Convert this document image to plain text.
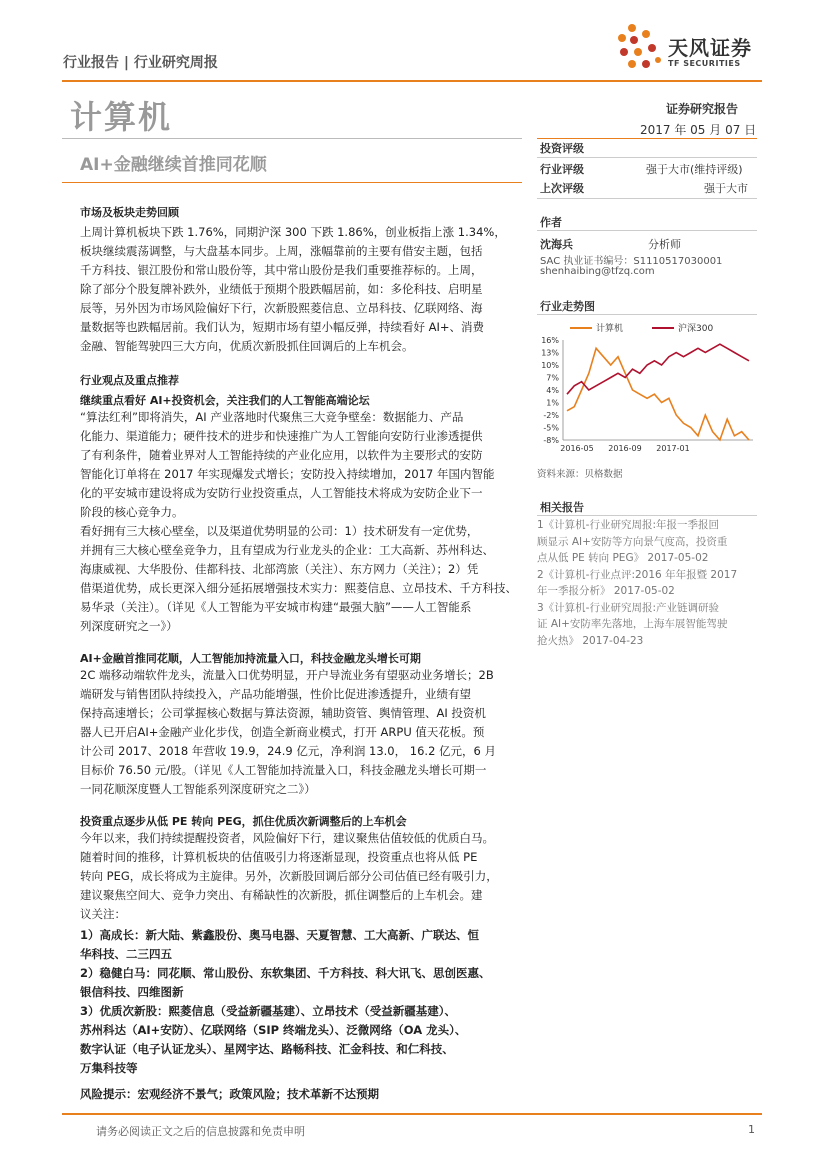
行业报告 | 行业研究周报
天风证券
TF SECURITIES
计算机	证券研究报告
2017 年 05 月 07 日
AI+金融继续首推同花顺
投资评级
行业评级	强于大市(维持评级)
上次评级	强于大市
作者
沈海兵	分析师
SAC 执业证书编号：S1110517030001
shenhaibing@tfzq.com
行业走势图
计算机	沪深300
16%
13%
10%
7%
4%
1%
-2%
-5%
-8%
2016-05 2016-09 2017-01
资料来源：贝格数据
相关报告
1《计算机-行业研究周报:年报一季报回
顾显示 AI+安防等方向景气度高，投资重
点从低 PE 转向 PEG》 2017-05-02
2《计算机-行业点评:2016 年年报暨 2017
年一季报分析》 2017-05-02
3《计算机-行业研究周报:产业链调研验
证 AI+安防率先落地，上海车展智能驾驶
抢火热》 2017-04-23
市场及板块走势回顾
上周计算机板块下跌 1.76%，同期沪深 300 下跌 1.86%，创业板指上涨 1.34%，
板块继续震荡调整，与大盘基本同步。上周，涨幅靠前的主要有借安主题，包括
千方科技、银江股份和常山股份等，其中常山股份是我们重要推荐标的。上周，
除了部分个股复牌补跌外，业绩低于预期个股跌幅居前，如：多伦科技、启明星
辰等，另外因为市场风险偏好下行，次新股熙菱信息、立昂科技、亿联网络、海
量数据等也跌幅居前。我们认为，短期市场有望小幅反弹，持续看好 AI+、消费
金融、智能驾驶四三大方向，优质次新股抓住回调后的上车机会。
行业观点及重点推荐
继续重点看好 AI+投资机会，关注我们的人工智能高端论坛
“算法红利”即将消失，AI 产业落地时代聚焦三大竞争壁垒：数据能力、产品
化能力、渠道能力；硬件技术的进步和快速推广为人工智能向安防行业渗透提供
了有利条件，随着业界对人工智能持续的产业化应用，以软件为主要形式的安防
智能化订单将在 2017 年实现爆发式增长；安防投入持续增加，2017 年国内智能
化的平安城市建设将成为安防行业投资重点，人工智能技术将成为安防企业下一
阶段的核心竞争力。
看好拥有三大核心壁垒，以及渠道优势明显的公司：1）技术研发有一定优势，
并拥有三大核心壁垒竞争力，且有望成为行业龙头的企业：工大高新、苏州科达、
海康威视、大华股份、佳都科技、北部湾旅（关注）、东方网力（关注）；2）凭
借渠道优势，成长更深入细分延拓展增强技术实力：熙菱信息、立昂技术、千方科技、
易华录（关注）。（详见《人工智能为平安城市构建“最强大脑”——人工智能系
列深度研究之一》）
AI+金融首推同花顺，人工智能加持流量入口，科技金融龙头增长可期
2C 端移动端软件龙头，流量入口优势明显，开户导流业务有望驱动业务增长；2B
端研发与销售团队持续投入，产品功能增强，性价比促进渗透提升，业绩有望
保持高速增长；公司掌握核心数据与算法资源，辅助资管、舆情管理、AI 投资机
器人已开启AI+金融产业化步伐，创造全新商业模式，打开 ARPU 值天花板。预
计公司 2017、2018 年营收 19.9，24.9 亿元，净利润 13.0， 16.2 亿元，6 月
目标价 76.50 元/股。（详见《人工智能加持流量入口，科技金融龙头增长可期一
一同花顺深度暨人工智能系列深度研究之二》）
投资重点逐步从低 PE 转向 PEG，抓住优质次新调整后的上车机会
今年以来，我们持续提醒投资者，风险偏好下行，建议聚焦估值较低的优质白马。
随着时间的推移，计算机板块的估值吸引力将逐渐显现，投资重点也将从低 PE
转向 PEG，成长将成为主旋律。另外，次新股回调后部分公司估值已经有吸引力，
建议聚焦空间大、竞争力突出、有稀缺性的次新股，抓住调整后的上车机会。建
议关注：
1）高成长：新大陆、紫鑫股份、奥马电器、天夏智慧、工大高新、广联达、恒
华科技、二三四五
2）稳健白马：同花顺、常山股份、东软集团、千方科技、科大讯飞、思创医惠、
银信科技、四维图新
3）优质次新股：熙菱信息（受益新疆基建）、立昂技术（受益新疆基建）、
苏州科达（AI+安防）、亿联网络（SIP 终端龙头）、泛微网络（OA 龙头）、
数字认证（电子认证龙头）、星网宇达、路畅科技、汇金科技、和仁科技、
万集科技等
风险提示：宏观经济不景气；政策风险；技术革新不达预期
请务必阅读正文之后的信息披露和免责申明	1
